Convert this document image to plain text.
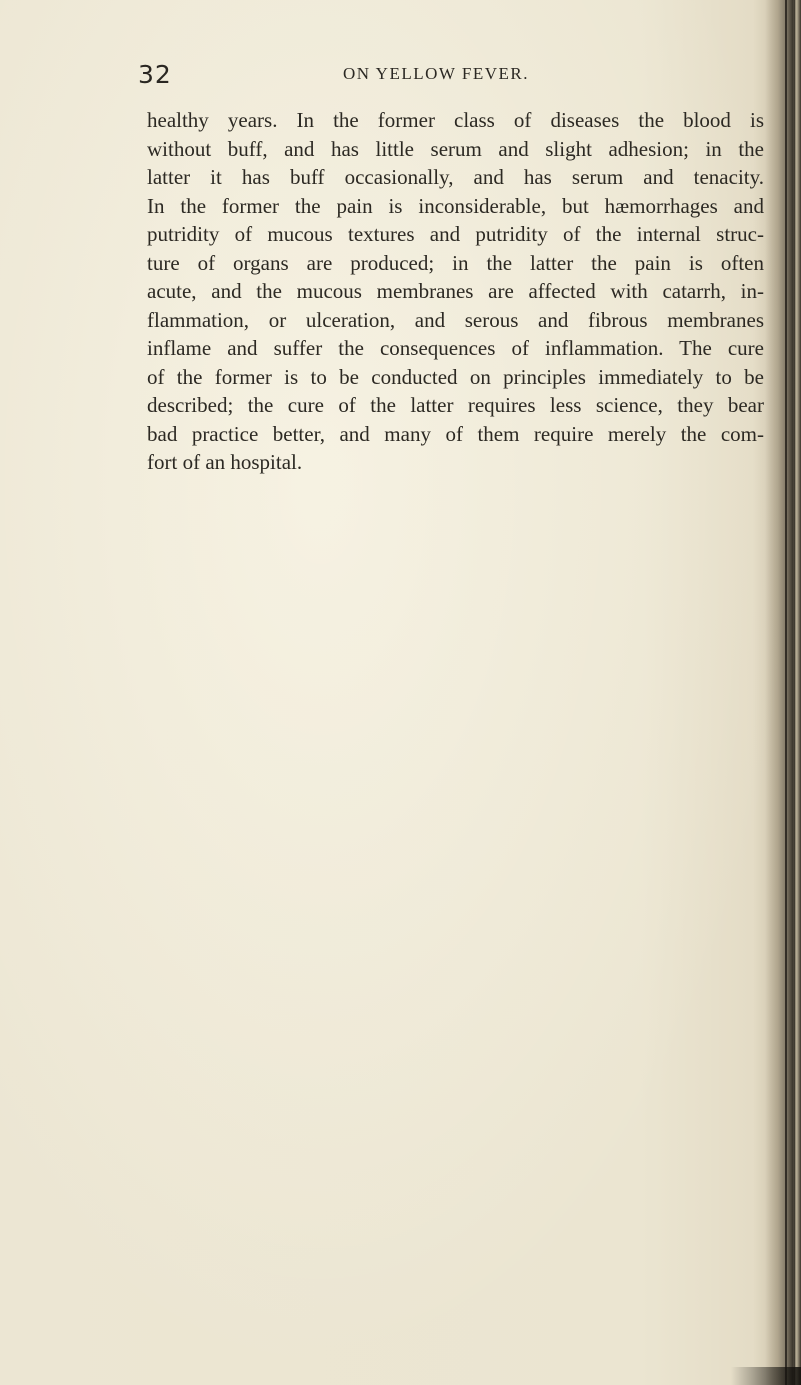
32	ON YELLOW FEVER.
healthy years. In the former class of diseases the blood is
without buff, and has little serum and slight adhesion; in the
latter it has buff occasionally, and has serum and tenacity.
In the former the pain is inconsiderable, but hæmorrhages and
putridity of mucous textures and putridity of the internal struc-
ture of organs are produced; in the latter the pain is often
acute, and the mucous membranes are affected with catarrh, in-
flammation, or ulceration, and serous and fibrous membranes
inflame and suffer the consequences of inflammation. The cure
of the former is to be conducted on principles immediately to be
described; the cure of the latter requires less science, they bear
bad practice better, and many of them require merely the com-
fort of an hospital.
